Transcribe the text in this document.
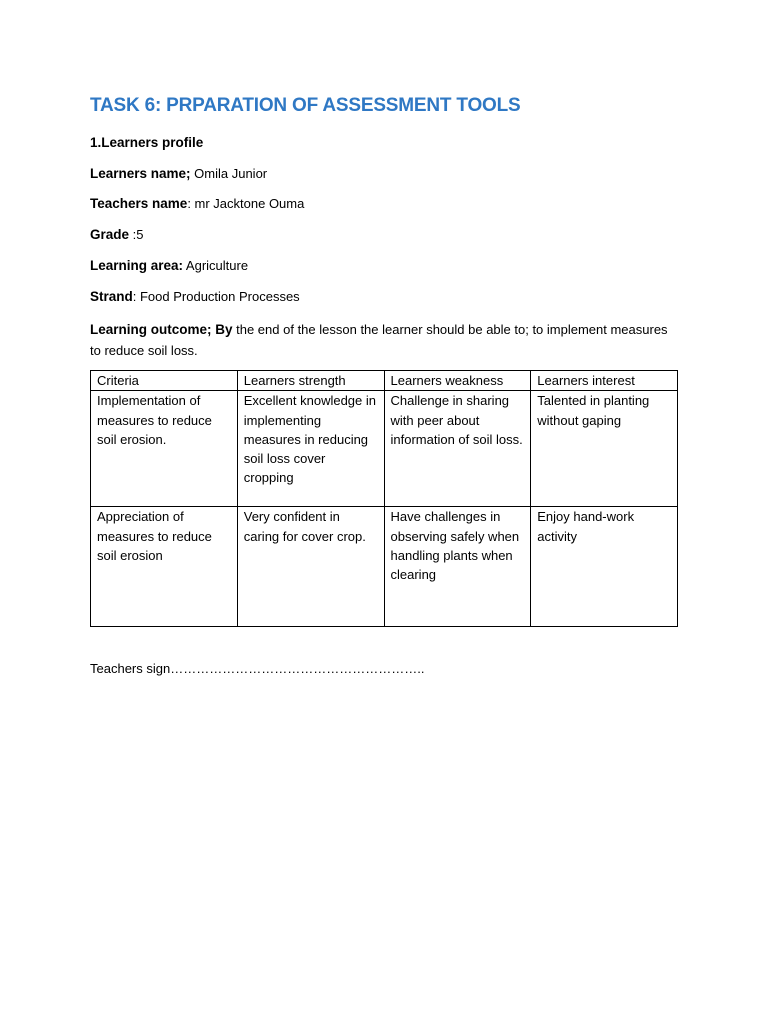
TASK 6: PRPARATION OF ASSESSMENT TOOLS
1.Learners profile
Learners name; Omila Junior
Teachers name: mr Jacktone Ouma
Grade :5
Learning area: Agriculture
Strand: Food Production Processes
Learning outcome; By the end of the lesson the learner should be able to; to implement measures to reduce soil loss.
Criteria	Learners strength	Learners weakness	Learners interest
Implementation of measures to reduce soil erosion.	Excellent knowledge in implementing measures in reducing soil loss cover cropping	Challenge in sharing with peer about information of soil loss.	Talented in planting without gaping
Appreciation of measures to reduce soil erosion	Very confident in caring for cover crop.	Have challenges in observing safely when handling plants when clearing	Enjoy hand-work activity
Teachers sign…………………………………………………..
